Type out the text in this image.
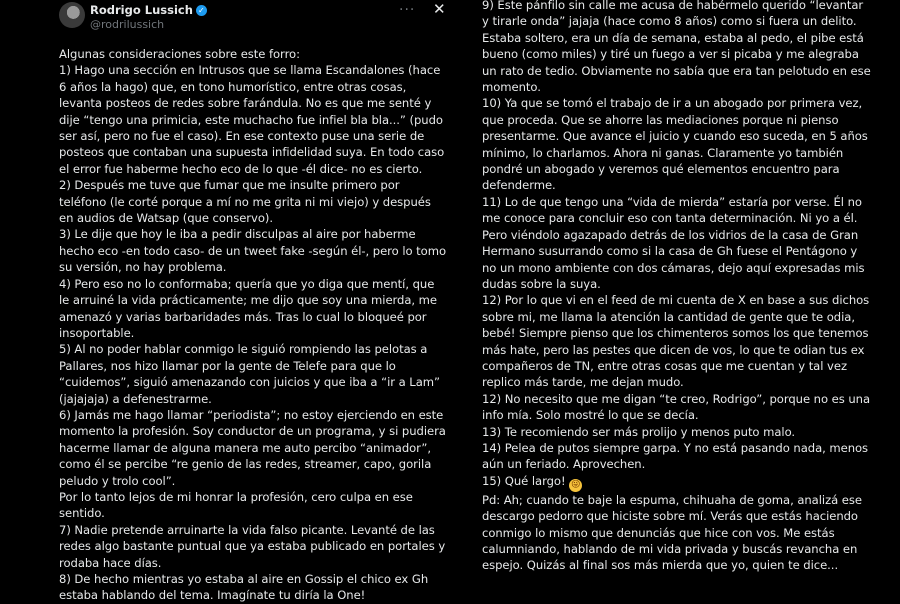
Rodrigo Lussich ✓
@rodrilussich
··· ✕

Algunas consideraciones sobre este forro:

1) Hago una sección en Intrusos que se llama Escandalones (hace 6 años la hago) que, en tono humorístico, entre otras cosas, levanta posteos de redes sobre farándula. No es que me senté y dije “tengo una primicia, este muchacho fue infiel bla bla...” (pudo ser así, pero no fue el caso). En ese contexto puse una serie de posteos que contaban una supuesta infidelidad suya. En todo caso el error fue haberme hecho eco de lo que -él dice- no es cierto.

2) Después me tuve que fumar que me insulte primero por teléfono (le corté porque a mí no me grita ni mi viejo) y después en audios de Watsap (que conservo).

3) Le dije que hoy le iba a pedir disculpas al aire por haberme hecho eco -en todo caso- de un tweet fake -según él-, pero lo tomo su versión, no hay problema.

4) Pero eso no lo conformaba; quería que yo diga que mentí, que le arruiné la vida prácticamente; me dijo que soy una mierda, me amenazó y varias barbaridades más. Tras lo cual lo bloqueé por insoportable.

5) Al no poder hablar conmigo le siguió rompiendo las pelotas a Pallares, nos hizo llamar por la gente de Telefe para que lo “cuidemos”, siguió amenazando con juicios y que iba a “ir a Lam” (jajajaja) a defenestrarme.

6) Jamás me hago llamar “periodista”; no estoy ejerciendo en este momento la profesión. Soy conductor de un programa, y si pudiera hacerme llamar de alguna manera me auto percibo “animador”, como él se percibe “re genio de las redes, streamer, capo, gorila peludo y trolo cool”.

Por lo tanto lejos de mi honrar la profesión, cero culpa en ese sentido.

7) Nadie pretende arruinarte la vida falso picante. Levanté de las redes algo bastante puntual que ya estaba publicado en portales y rodaba hace días.

8) De hecho mientras yo estaba al aire en Gossip el chico ex Gh estaba hablando del tema. Imagínate tu diría la One!

9) Este pánfilo sin calle me acusa de habérmelo querido “levantar y tirarle onda” jajaja (hace como 8 años) como si fuera un delito. Estaba soltero, era un día de semana, estaba al pedo, el pibe está bueno (como miles) y tiré un fuego a ver si picaba y me alegraba un rato de tedio. Obviamente no sabía que era tan pelotudo en ese momento.

10) Ya que se tomó el trabajo de ir a un abogado por primera vez, que proceda. Que se ahorre las mediaciones porque ni pienso presentarme. Que avance el juicio y cuando eso suceda, en 5 años mínimo, lo charlamos. Ahora ni ganas. Claramente yo también pondré un abogado y veremos qué elementos encuentro para defenderme.

11) Lo de que tengo una “vida de mierda” estaría por verse. Él no me conoce para concluir eso con tanta determinación. Ni yo a él. Pero viéndolo agazapado detrás de los vidrios de la casa de Gran Hermano susurrando como si la casa de Gh fuese el Pentágono y no un mono ambiente con dos cámaras, dejo aquí expresadas mis dudas sobre la suya.

12) Por lo que vi en el feed de mi cuenta de X en base a sus dichos sobre mi, me llama la atención la cantidad de gente que te odia, bebé! Siempre pienso que los chimenteros somos los que tenemos más hate, pero las pestes que dicen de vos, lo que te odian tus ex compañeros de TN, entre otras cosas que me cuentan y tal vez replico más tarde, me dejan mudo.

12) No necesito que me digan “te creo, Rodrigo”, porque no es una info mía. Solo mostré lo que se decía.

13) Te recomiendo ser más prolijo y menos puto malo.

14) Pelea de putos siempre garpa. Y no está pasando nada, menos aún un feriado. Aprovechen.

15) Qué largo! 😜

Pd: Ah; cuando te baje la espuma, chihuaha de goma, analizá ese descargo pedorro que hiciste sobre mí. Verás que estás haciendo conmigo lo mismo que denunciás que hice con vos. Me estás calumniando, hablando de mi vida privada y buscás revancha en espejo. Quizás al final sos más mierda que yo, quien te dice...
